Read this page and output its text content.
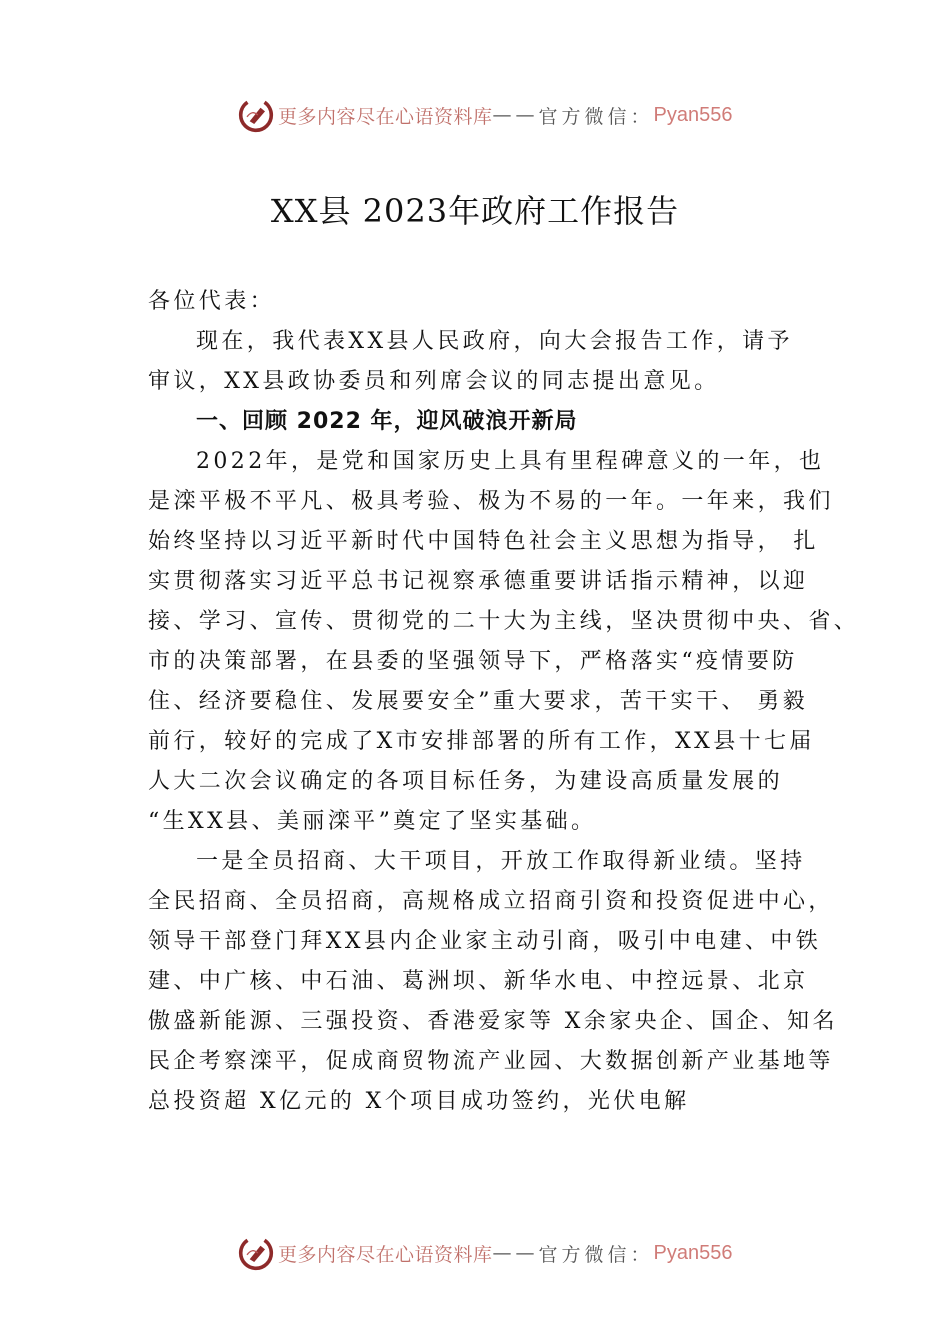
更多内容尽在心语资料库 —— 官方微信： Pyan556
XX县 2023年政府工作报告
各位代表：
现在，我代表XX县人民政府，向大会报告工作，请予
审议，XX县政协委员和列席会议的同志提出意见。
一、回顾 2022 年，迎风破浪开新局
2022年，是党和国家历史上具有里程碑意义的一年，也
是滦平极不平凡、极具考验、极为不易的一年。一年来，我们
始终坚持以习近平新时代中国特色社会主义思想为指导， 扎
实贯彻落实习近平总书记视察承德重要讲话指示精神，以迎
接、学习、宣传、贯彻党的二十大为主线，坚决贯彻中央、省、
市的决策部署，在县委的坚强领导下，严格落实“疫情要防
住、经济要稳住、发展要安全”重大要求，苦干实干、 勇毅
前行，较好的完成了X市安排部署的所有工作，XX县十七届
人大二次会议确定的各项目标任务，为建设高质量发展的
“生XX县、美丽滦平”奠定了坚实基础。
一是全员招商、大干项目，开放工作取得新业绩。坚持
全民招商、全员招商，高规格成立招商引资和投资促进中心，
领导干部登门拜XX县内企业家主动引商，吸引中电建、中铁
建、中广核、中石油、葛洲坝、新华水电、中控远景、北京
傲盛新能源、三强投资、香港爱家等 X余家央企、国企、知名
民企考察滦平，促成商贸物流产业园、大数据创新产业基地等
总投资超 X亿元的 X个项目成功签约，光伏电解
更多内容尽在心语资料库 —— 官方微信： Pyan556
